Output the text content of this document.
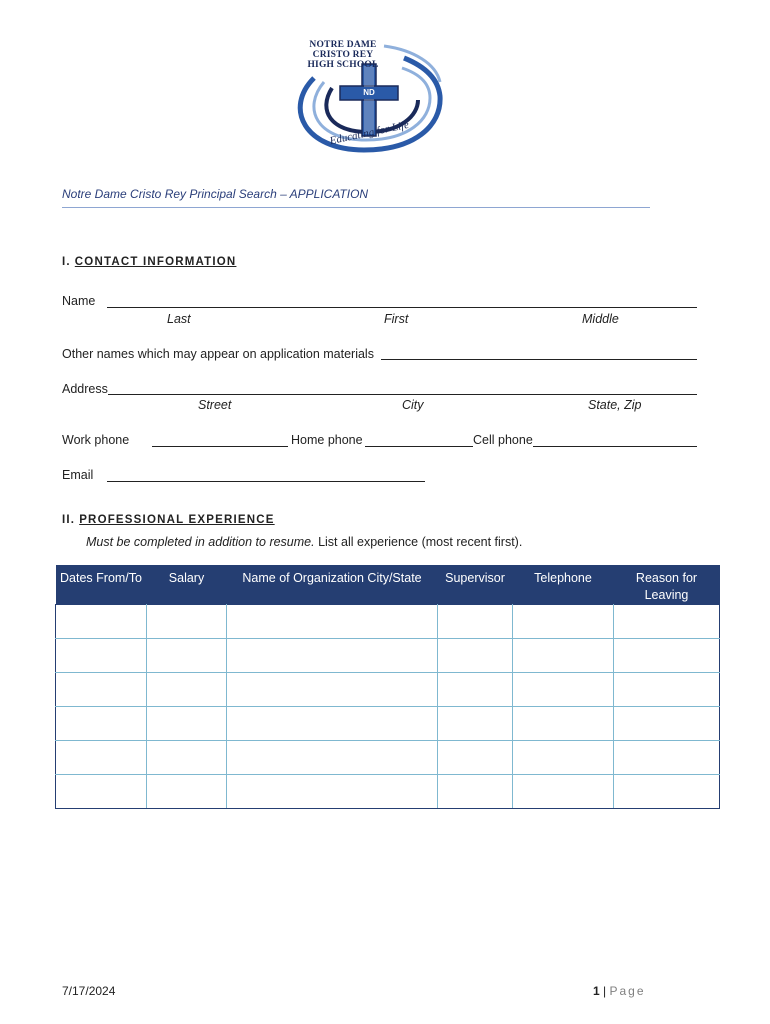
NOTRE DAME
CRISTO REY
HIGH SCHOOL
ND
Educating for Life
Notre Dame Cristo Rey Principal Search – APPLICATION
I. CONTACT INFORMATION
Name
Last	First	Middle
Other names which may appear on application materials
Address
Street	City	State, Zip
Work phone	Home phone	Cell phone
Email
II. PROFESSIONAL EXPERIENCE
Must be completed in addition to resume. List all experience (most recent first).
Dates From/To	Salary	Name of Organization City/State	Supervisor	Telephone	Reason for Leaving

7/17/2024	1 | Page
